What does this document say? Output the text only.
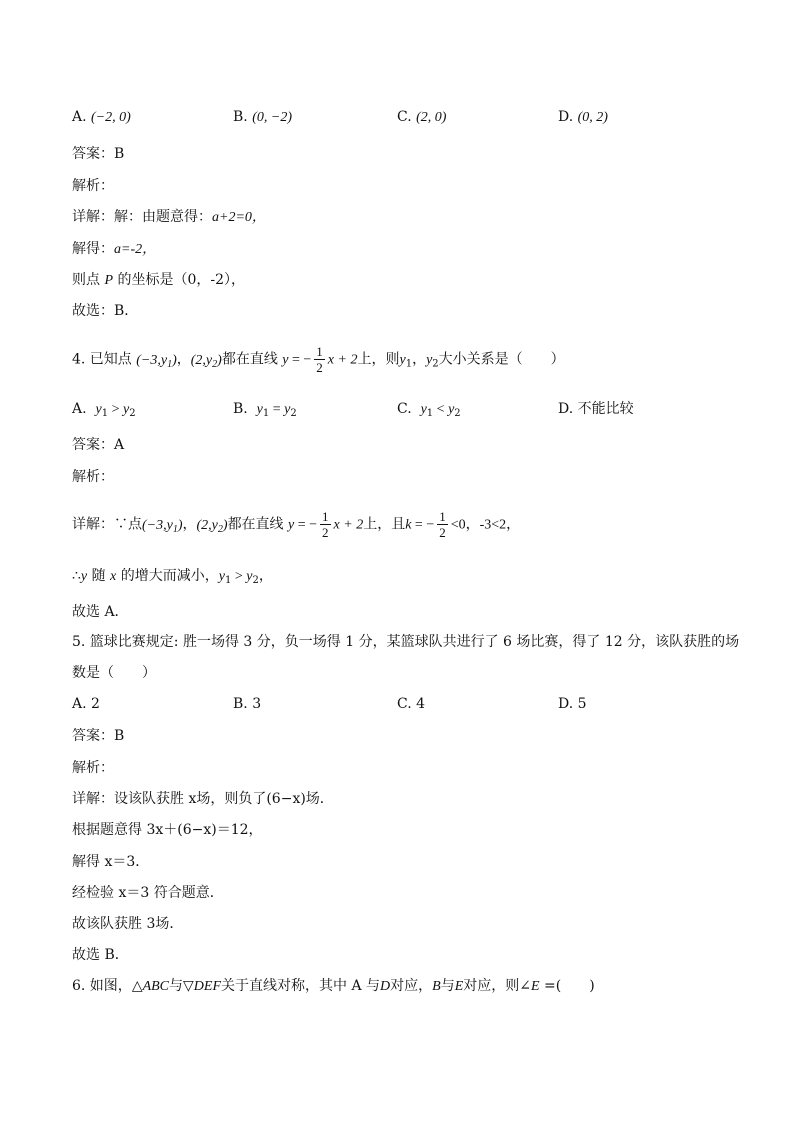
A. (−2, 0)	B. (0, −2)	C. (2, 0)	D. (0, 2)
答案：B
解析：
详解：解：由题意得：a+2=0，
解得：a=-2，
则点 P 的坐标是（0，-2），
故选：B．
4. 已知点 $(-3,y_1)$，$(2,y_2)$都在直线 y = − $\frac{1}{2}$ x + 2上，则$y_1$，$y_2$大小关系是（　　）
A. $y_1 > y_2$	B. $y_1 = y_2$	C. $y_1 < y_2$	D. 不能比较
答案：A
解析：
详解：∵点$(-3,y_1)$，$(2,y_2)$都在直线 y = − $\frac{1}{2}$ x + 2上，且k = − $\frac{1}{2} <0$，-3<2，
∴y 随 x 的增大而减小，$y_1 > y_2$，
故选 A．
5. 篮球比赛规定: 胜一场得 3 分，负一场得 1 分，某篮球队共进行了 6 场比赛，得了 12 分，该队获胜的场
数是（　　）
A. 2	B. 3	C. 4	D. 5
答案：B
解析：
详解：设该队获胜 x场，则负了(6−x)场．
根据题意得 3x＋(6−x)＝12，
解得 x＝3．
经检验 x＝3 符合题意．
故该队获胜 3场．
故选 B．
6. 如图，△ABC与▽DEF关于直线对称，其中 A 与D对应，B与E对应，则∠E =(　　)
